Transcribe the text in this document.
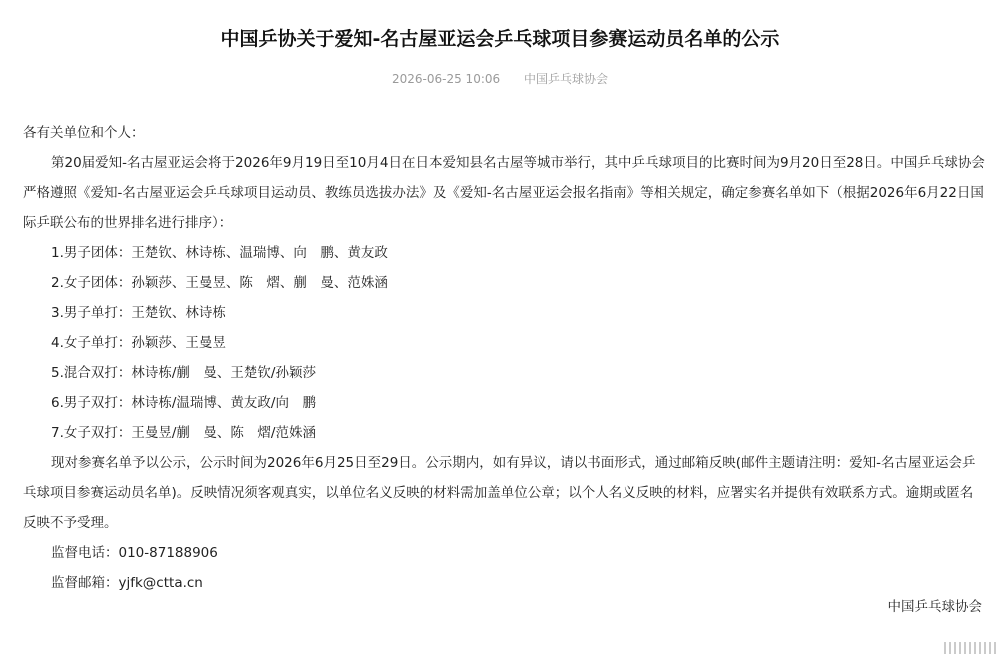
中国乒协关于爱知-名古屋亚运会乒乓球项目参赛运动员名单的公示
2026-06-25 10:06 中国乒乓球协会

各有关单位和个人：

第20届爱知-名古屋亚运会将于2026年9月19日至10月4日在日本爱知县名古屋等城市举行，其中乒乓球项目的比赛时间为9月20日至28日。中国乒乓球协会严格遵照《爱知-名古屋亚运会乒乓球项目运动员、教练员选拔办法》及《爱知-名古屋亚运会报名指南》等相关规定，确定参赛名单如下（根据2026年6月22日国际乒联公布的世界排名进行排序）：

1.男子团体：王楚钦、林诗栋、温瑞博、向　鹏、黄友政

2.女子团体：孙颖莎、王曼昱、陈　熠、蒯　曼、范姝涵

3.男子单打：王楚钦、林诗栋

4.女子单打：孙颖莎、王曼昱

5.混合双打：林诗栋/蒯　曼、王楚钦/孙颖莎

6.男子双打：林诗栋/温瑞博、黄友政/向　鹏

7.女子双打：王曼昱/蒯　曼、陈　熠/范姝涵

现对参赛名单予以公示，公示时间为2026年6月25日至29日。公示期内，如有异议，请以书面形式，通过邮箱反映(邮件主题请注明：爱知-名古屋亚运会乒乓球项目参赛运动员名单)。反映情况须客观真实，以单位名义反映的材料需加盖单位公章；以个人名义反映的材料，应署实名并提供有效联系方式。逾期或匿名反映不予受理。

监督电话：010-87188906

监督邮箱：yjfk@ctta.cn

中国乒乓球协会
